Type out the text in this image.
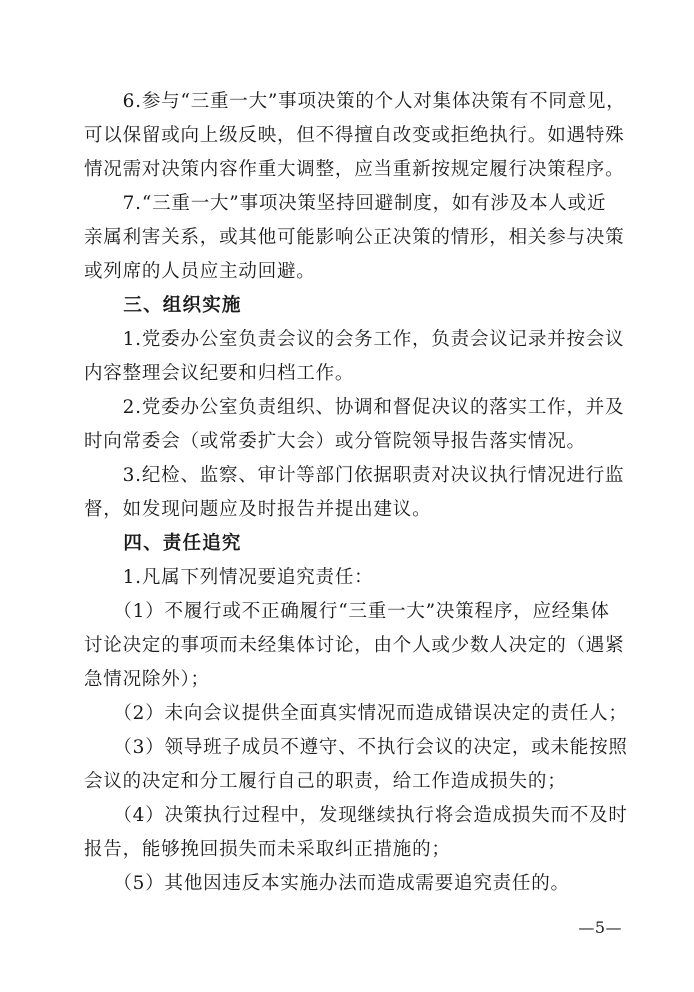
　　6.参与“三重一大”事项决策的个人对集体决策有不同意见，
可以保留或向上级反映，但不得擅自改变或拒绝执行。如遇特殊
情况需对决策内容作重大调整，应当重新按规定履行决策程序。
　　7.“三重一大”事项决策坚持回避制度，如有涉及本人或近
亲属利害关系，或其他可能影响公正决策的情形，相关参与决策
或列席的人员应主动回避。
　　三、组织实施
　　1.党委办公室负责会议的会务工作，负责会议记录并按会议
内容整理会议纪要和归档工作。
　　2.党委办公室负责组织、协调和督促决议的落实工作，并及
时向常委会（或常委扩大会）或分管院领导报告落实情况。
　　3.纪检、监察、审计等部门依据职责对决议执行情况进行监
督，如发现问题应及时报告并提出建议。
　　四、责任追究
　　1.凡属下列情况要追究责任：
　　（1）不履行或不正确履行“三重一大”决策程序，应经集体
讨论决定的事项而未经集体讨论，由个人或少数人决定的（遇紧
急情况除外）；
　　（2）未向会议提供全面真实情况而造成错误决定的责任人；
　　（3）领导班子成员不遵守、不执行会议的决定，或未能按照
会议的决定和分工履行自己的职责，给工作造成损失的；
　　（4）决策执行过程中，发现继续执行将会造成损失而不及时
报告，能够挽回损失而未采取纠正措施的；
　　（5）其他因违反本实施办法而造成需要追究责任的。
—5—
